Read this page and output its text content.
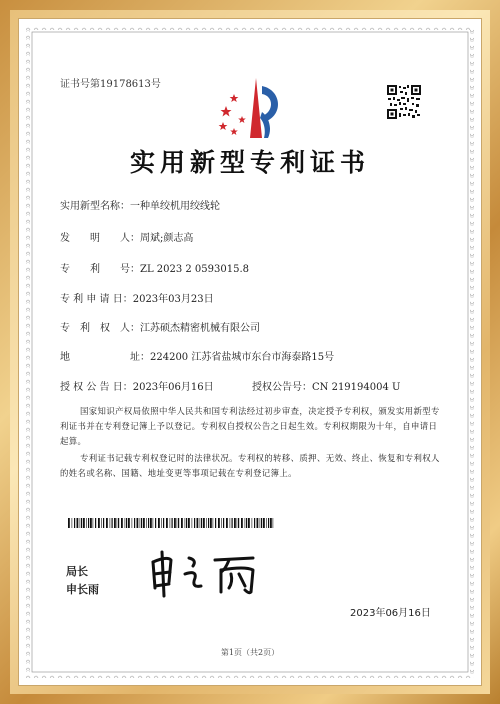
证书号第19178613号
实用新型专利证书
实用新型名称：一种单绞机用绞线轮
发　　明　　人：周斌;颜志高
专　　利　　号：ZL 2023 2 0593015.8
专 利 申 请 日：2023年03月23日
专　利　权　人：江苏硕杰精密机械有限公司
地　　　　　　址：224200 江苏省盐城市东台市海泰路15号
授 权 公 告 日：2023年06月16日	授权公告号：CN 219194004 U
国家知识产权局依照中华人民共和国专利法经过初步审查，决定授予专利权，颁发实用新型专利证书并在专利登记簿上予以登记。专利权自授权公告之日起生效。专利权期限为十年，自申请日起算。
专利证书记载专利权登记时的法律状况。专利权的转移、质押、无效、终止、恢复和专利权人的姓名或名称、国籍、地址变更等事项记载在专利登记簿上。
局长
申长雨
2023年06月16日
第1页（共2页）
